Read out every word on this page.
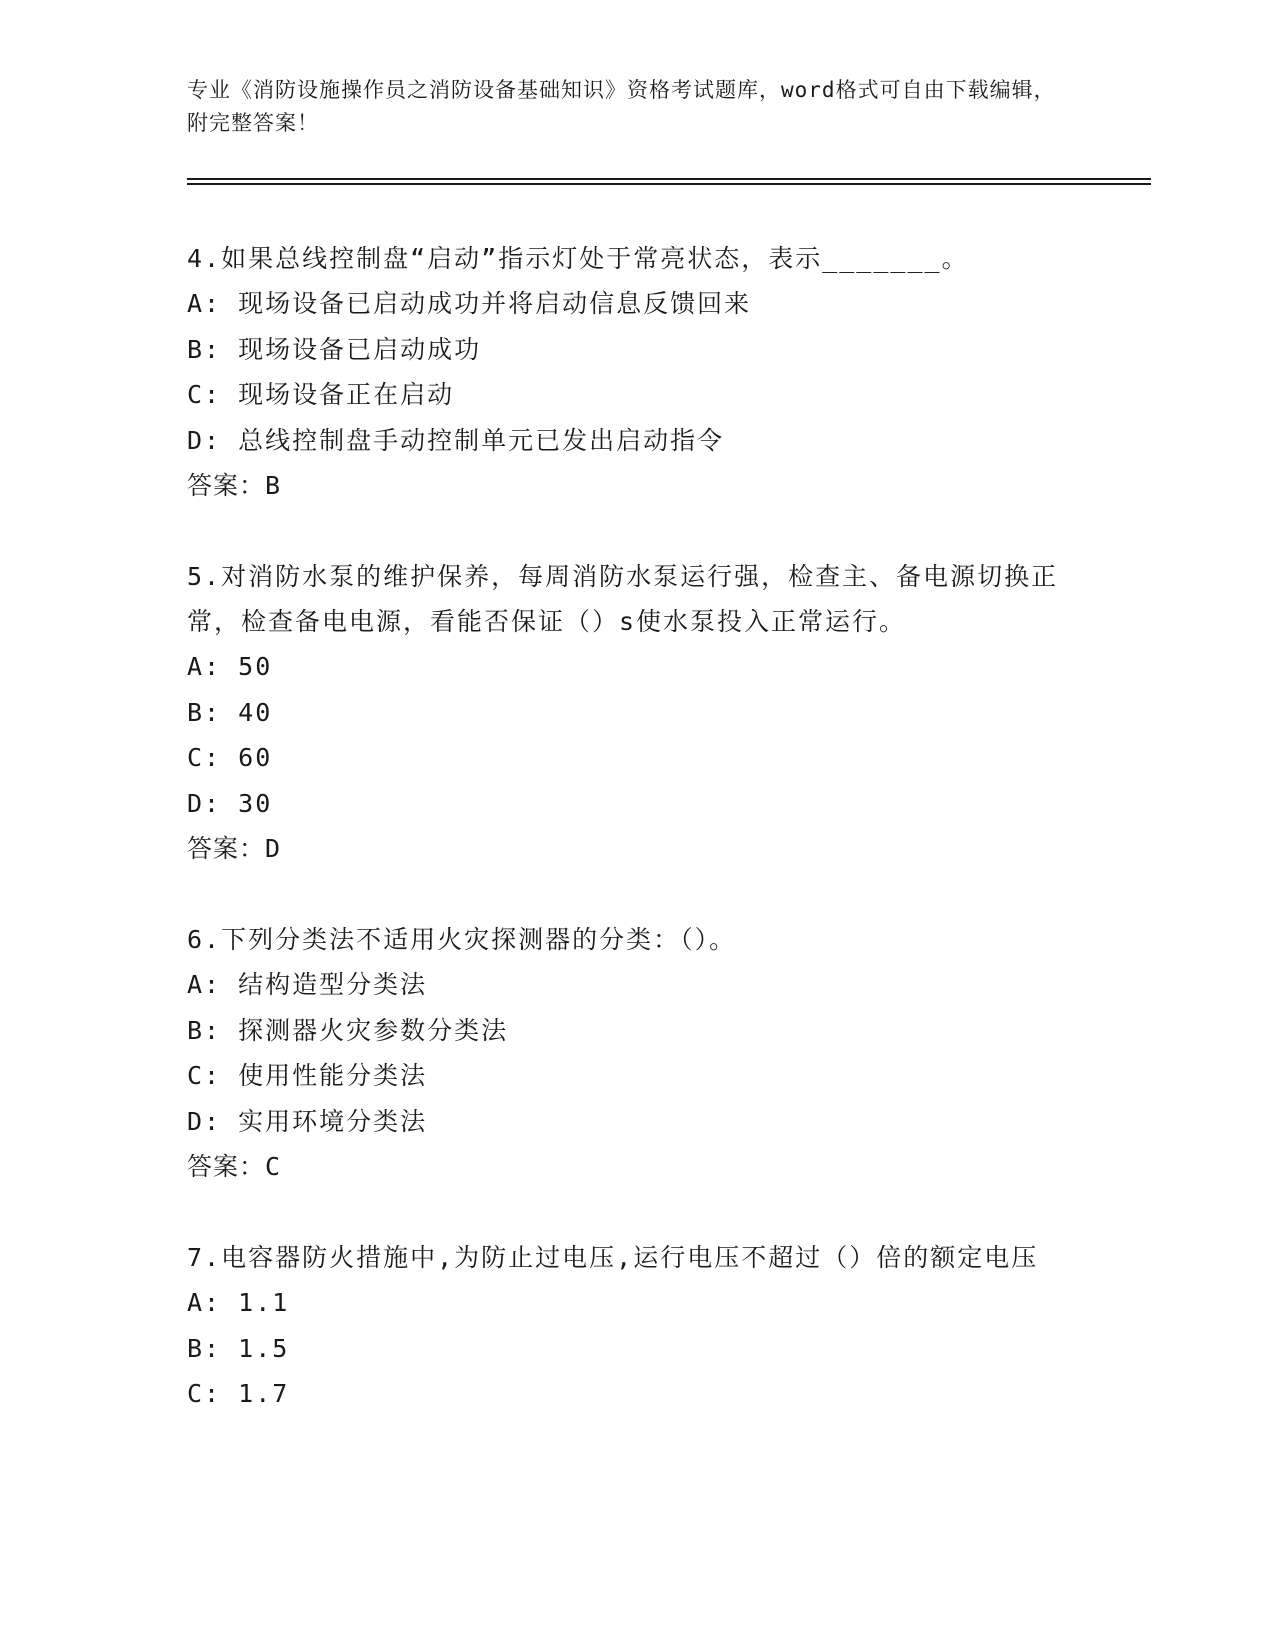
专业《消防设施操作员之消防设备基础知识》资格考试题库，word格式可自由下载编辑，附完整答案！

4.如果总线控制盘“启动”指示灯处于常亮状态，表示_______。

A: 现场设备已启动成功并将启动信息反馈回来

B: 现场设备已启动成功

C: 现场设备正在启动

D: 总线控制盘手动控制单元已发出启动指令

答案：B

5.对消防水泵的维护保养，每周消防水泵运行强，检查主、备电源切换正常，检查备电电源，看能否保证（）s使水泵投入正常运行。

A: 50

B: 40

C: 60

D: 30

答案：D

6.下列分类法不适用火灾探测器的分类：（）。

A: 结构造型分类法

B: 探测器火灾参数分类法

C: 使用性能分类法

D: 实用环境分类法

答案：C

7.电容器防火措施中,为防止过电压,运行电压不超过（）倍的额定电压

A: 1.1

B: 1.5

C: 1.7
